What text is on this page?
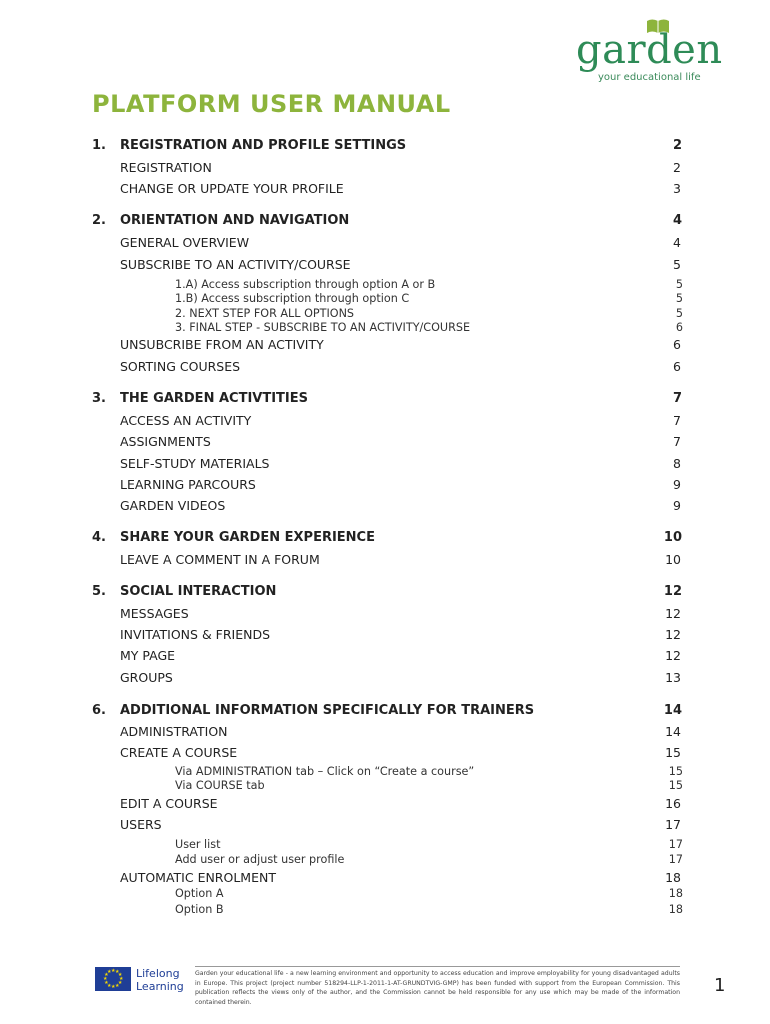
garden
your educational life
PLATFORM USER MANUAL
1. REGISTRATION AND PROFILE SETTINGS	2
REGISTRATION	2
CHANGE OR UPDATE YOUR PROFILE	3
2. ORIENTATION AND NAVIGATION	4
GENERAL OVERVIEW	4
SUBSCRIBE TO AN ACTIVITY/COURSE	5
1.A) Access subscription through option A or B	5
1.B) Access subscription through option C	5
2. NEXT STEP FOR ALL OPTIONS	5
3. FINAL STEP - SUBSCRIBE TO AN ACTIVITY/COURSE	6
UNSUBCRIBE FROM AN ACTIVITY	6
SORTING COURSES	6
3. THE GARDEN ACTIVTITIES	7
ACCESS AN ACTIVITY	7
ASSIGNMENTS	7
SELF-STUDY MATERIALS	8
LEARNING PARCOURS	9
GARDEN VIDEOS	9
4. SHARE YOUR GARDEN EXPERIENCE	10
LEAVE A COMMENT IN A FORUM	10
5. SOCIAL INTERACTION	12
MESSAGES	12
INVITATIONS & FRIENDS	12
MY PAGE	12
GROUPS	13
6. ADDITIONAL INFORMATION SPECIFICALLY FOR TRAINERS	14
ADMINISTRATION	14
CREATE A COURSE	15
Via ADMINISTRATION tab – Click on “Create a course”	15
Via COURSE tab	15
EDIT A COURSE	16
USERS	17
User list	17
Add user or adjust user profile	17
AUTOMATIC ENROLMENT	18
Option A	18
Option B	18
★
★
★
★
★
★
★
★
★ ★ ★
★ Lifelong
Learning
Garden your educational life - a new learning environment and opportunity to access education and improve employability for young disadvantaged adults in Europe. This project (project number 518294-LLP-1-2011-1-AT-GRUNDTVIG-GMP) has been funded with support from the European Commission. This publication reflects the views only of the author, and the Commission cannot be held responsible for any use which may be made of the information contained therein.
1
